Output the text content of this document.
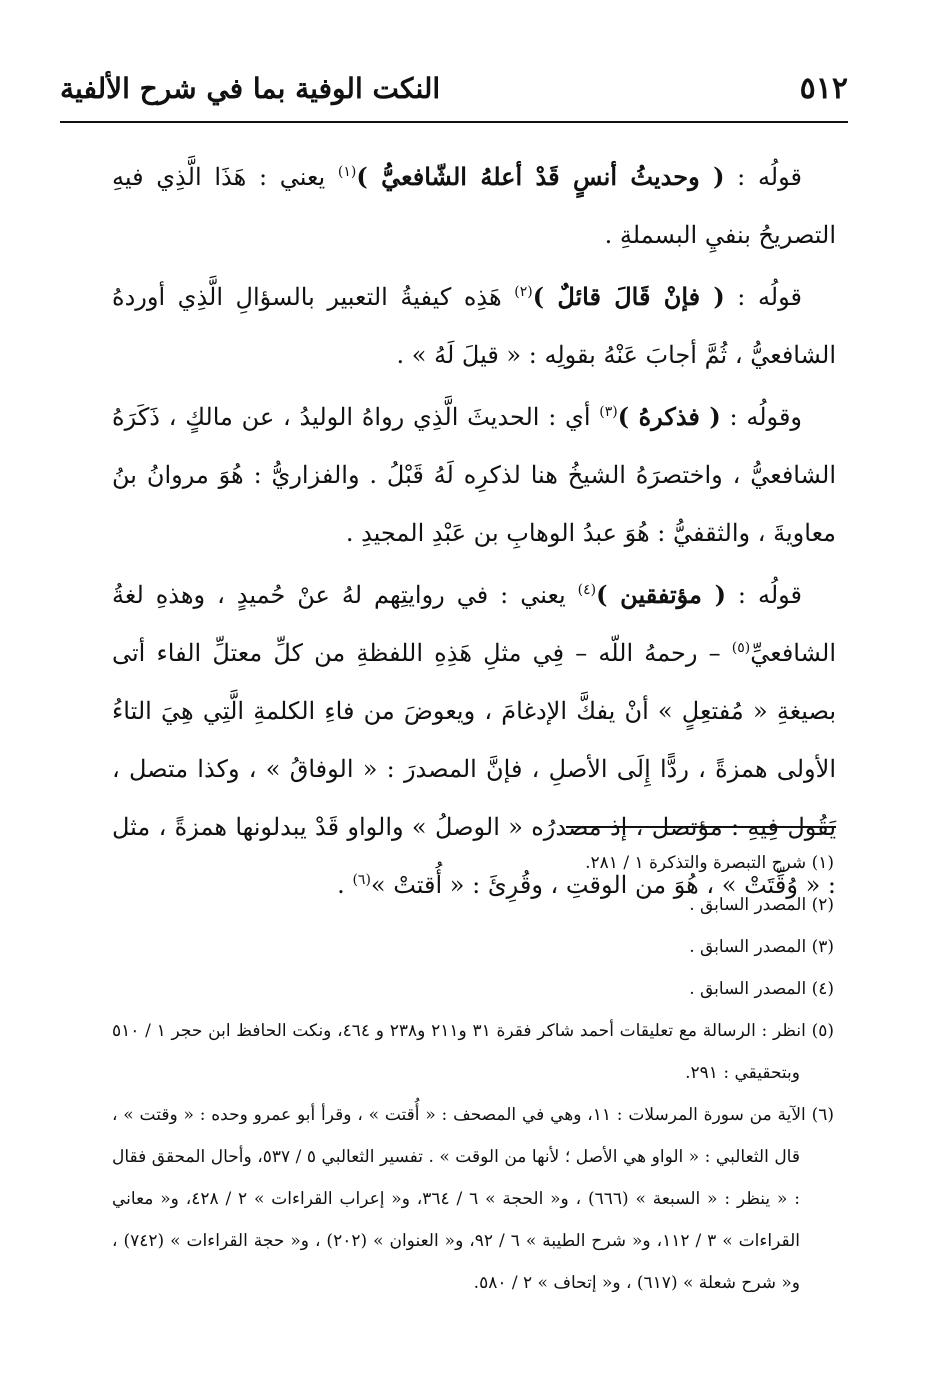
٥١٢
النكت الوفية بما في شرح الألفية

قولُه : ( وحديثُ أنسٍ قَدْ أعلهُ الشّافعيُّ )$^{(١)}$ يعني : هَذَا الَّذِي فيهِ التصريحُ بنفيِ البسملةِ .

قولُه : ( فإنْ قَالَ قائلٌ )$^{(٢)}$ هَذِه كيفيةُ التعبير بالسؤالِ الَّذِي أوردهُ الشافعيُّ ، ثُمَّ أجابَ عَنْهُ بقولِه : « قيلَ لَهُ » .

وقولُه : ( فذكرهُ )$^{(٣)}$ أي : الحديثَ الَّذِي رواهُ الوليدُ ، عن مالكٍ ، ذَكَرَهُ الشافعيُّ ، واختصرَهُ الشيخُ هنا لذكرِه لَهُ قَبْلُ . والفزاريُّ : هُوَ مروانُ بنُ معاويةَ ، والثقفيُّ : هُوَ عبدُ الوهابِ بن عَبْدِ المجيدِ .

قولُه : ( مؤتفقين )$^{(٤)}$ يعني : في روايتِهم لهُ عنْ حُميدٍ ، وهذهِ لغةُ الشافعيِّ$^{(٥)}$ – رحمهُ اللّه – فِي مثلِ هَذِهِ اللفظةِ من كلِّ معتلِّ الفاء أتى بصيغةِ « مُفتعِلٍ » أنْ يفكَّ الإدغامَ ، ويعوضَ من فاءِ الكلمةِ الَّتِي هِيَ التاءُ الأولى همزةً ، ردًّا إِلَى الأصلِ ، فإنَّ المصدرَ : « الوفاقُ » ، وكذا متصل ، يَقُول فِيهِ : مؤتصل ، إذ مصدرُه « الوصلُ » والواو قَدْ يبدلونها همزةً ، مثل : « وُقِّتَتْ » ، هُوَ من الوقتِ ، وقُرِئَ : « أُقتتْ »$^{(٦)}$ .

(١) شرح التبصرة والتذكرة ١ / ٢٨١.

(٢) المصدر السابق .

(٣) المصدر السابق .

(٤) المصدر السابق .

(٥) انظر : الرسالة مع تعليقات أحمد شاكر فقرة ٣١ و٢١١ و٢٣٨ و ٤٦٤، ونكت الحافظ ابن حجر ١ / ٥١٠ وبتحقيقي : ٢٩١.

(٦) الآية من سورة المرسلات : ١١، وهي في المصحف : « أُقتت » ، وقرأ أبو عمرو وحده : « وقتت » ، قال الثعالبي : « الواو هي الأصل ؛ لأنها من الوقت » . تفسير الثعالبي ٥ / ٥٣٧، وأحال المحقق فقال : « ينظر : « السبعة » (٦٦٦) ، و« الحجة » ٦ / ٣٦٤، و« إعراب القراءات » ٢ / ٤٢٨، و« معاني القراءات » ٣ / ١١٢، و« شرح الطيبة » ٦ / ٩٢، و« العنوان » (٢٠٢) ، و« حجة القراءات » (٧٤٢) ، و« شرح شعلة » (٦١٧) ، و« إتحاف » ٢ / ٥٨٠.
